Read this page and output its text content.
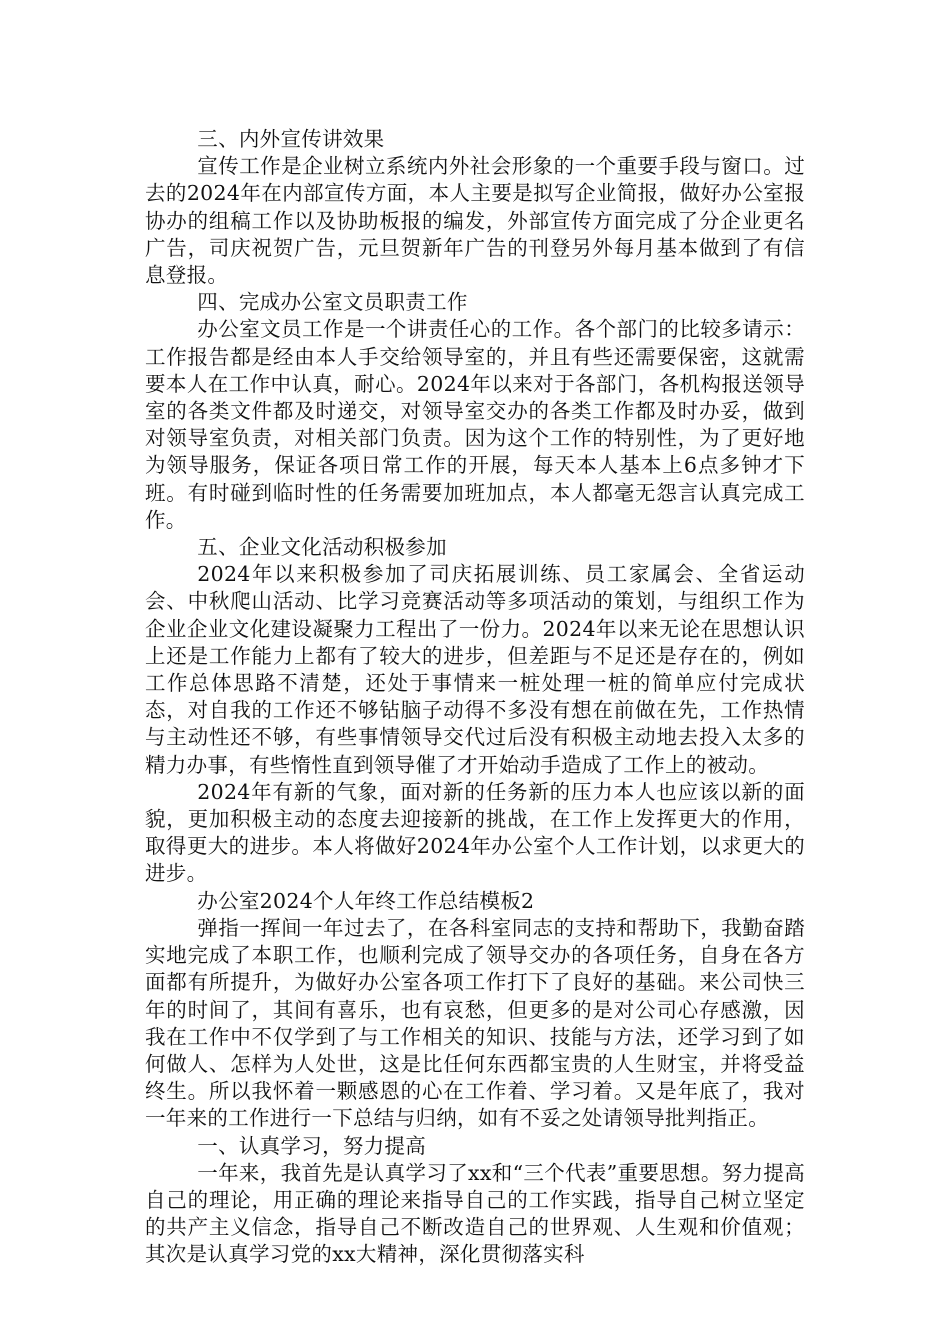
三、内外宣传讲效果

宣传工作是企业树立系统内外社会形象的一个重要手段与窗口。过去的2024年在内部宣传方面，本人主要是拟写企业简报，做好办公室报协办的组稿工作以及协助板报的编发，外部宣传方面完成了分企业更名广告，司庆祝贺广告，元旦贺新年广告的刊登另外每月基本做到了有信息登报。

四、完成办公室文员职责工作

办公室文员工作是一个讲责任心的工作。各个部门的比较多请示：工作报告都是经由本人手交给领导室的，并且有些还需要保密，这就需要本人在工作中认真，耐心。2024年以来对于各部门，各机构报送领导室的各类文件都及时递交，对领导室交办的各类工作都及时办妥，做到对领导室负责，对相关部门负责。因为这个工作的特别性，为了更好地为领导服务，保证各项日常工作的开展，每天本人基本上6点多钟才下班。有时碰到临时性的任务需要加班加点，本人都毫无怨言认真完成工作。

五、企业文化活动积极参加

2024年以来积极参加了司庆拓展训练、员工家属会、全省运动会、中秋爬山活动、比学习竞赛活动等多项活动的策划，与组织工作为企业企业文化建设凝聚力工程出了一份力。2024年以来无论在思想认识上还是工作能力上都有了较大的进步，但差距与不足还是存在的，例如工作总体思路不清楚，还处于事情来一桩处理一桩的简单应付完成状态，对自我的工作还不够钻脑子动得不多没有想在前做在先，工作热情与主动性还不够，有些事情领导交代过后没有积极主动地去投入太多的精力办事，有些惰性直到领导催了才开始动手造成了工作上的被动。

2024年有新的气象，面对新的任务新的压力本人也应该以新的面貌，更加积极主动的态度去迎接新的挑战，在工作上发挥更大的作用，取得更大的进步。本人将做好2024年办公室个人工作计划，以求更大的进步。

办公室2024个人年终工作总结模板2

弹指一挥间一年过去了，在各科室同志的支持和帮助下，我勤奋踏实地完成了本职工作，也顺利完成了领导交办的各项任务，自身在各方面都有所提升，为做好办公室各项工作打下了良好的基础。来公司快三年的时间了，其间有喜乐，也有哀愁，但更多的是对公司心存感激，因我在工作中不仅学到了与工作相关的知识、技能与方法，还学习到了如何做人、怎样为人处世，这是比任何东西都宝贵的人生财宝，并将受益终生。所以我怀着一颗感恩的心在工作着、学习着。又是年底了，我对一年来的工作进行一下总结与归纳，如有不妥之处请领导批判指正。

一、认真学习，努力提高

一年来，我首先是认真学习了xx和“三个代表”重要思想。努力提高自己的理论，用正确的理论来指导自己的工作实践，指导自己树立坚定的共产主义信念，指导自己不断改造自己的世界观、人生观和价值观；其次是认真学习党的xx大精神，深化贯彻落实科
